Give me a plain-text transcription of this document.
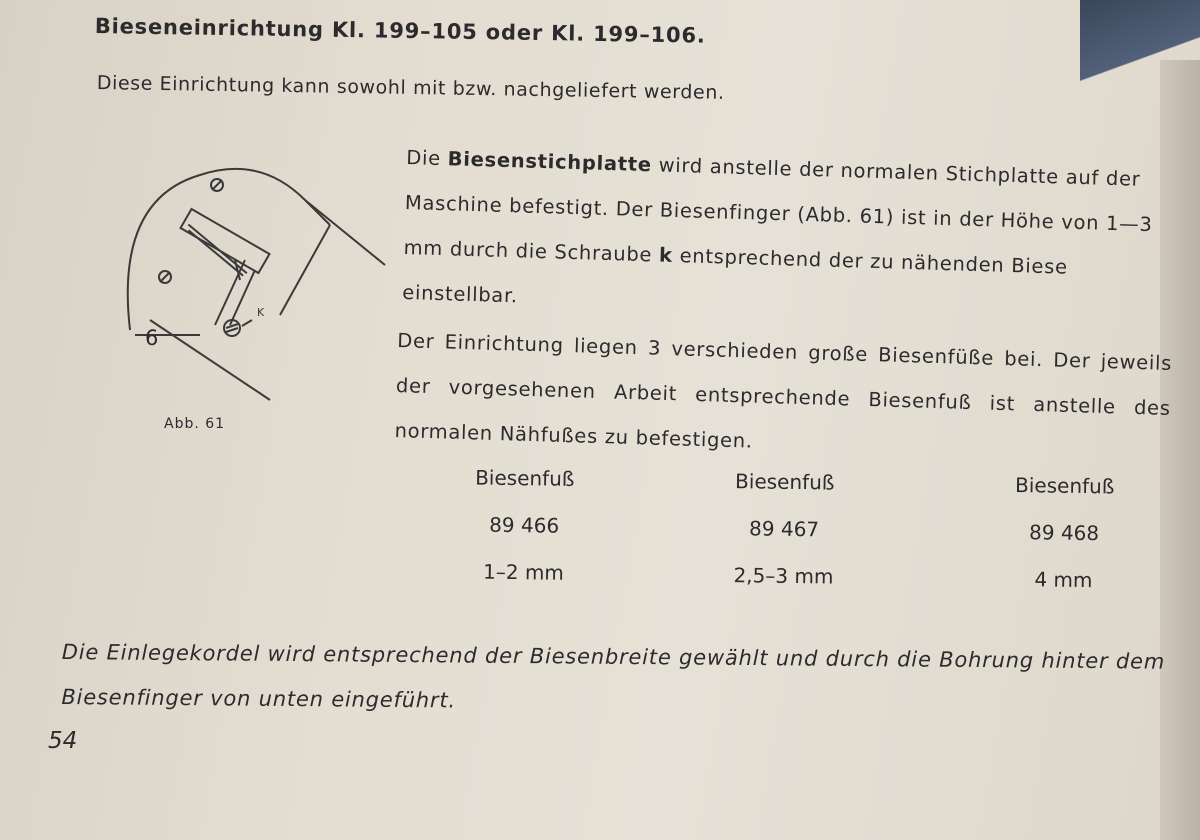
Bieseneinrichtung Kl. 199–105 oder Kl. 199–106.
Diese Einrichtung kann sowohl mit bzw. nachgeliefert werden.
K
6
Abb. 61
Die Biesenstichplatte wird anstelle der normalen Stichplatte auf der Maschine befestigt. Der Biesenfinger (Abb. 61) ist in der Höhe von 1—3 mm durch die Schraube k entsprechend der zu nähenden Biese einstellbar.
Der Einrichtung liegen 3 verschieden große Biesenfüße bei. Der jeweils der vorgesehenen Arbeit entsprechende Biesenfuß ist anstelle des normalen Nähfußes zu befestigen.
Biesenfuß
89 466
1–2 mm
Biesenfuß
89 467
2,5–3 mm
Biesenfuß
89 468
4 mm
Die Einlegekordel wird entsprechend der Biesenbreite gewählt und durch die Bohrung hinter dem Biesenfinger von unten eingeführt.
54
